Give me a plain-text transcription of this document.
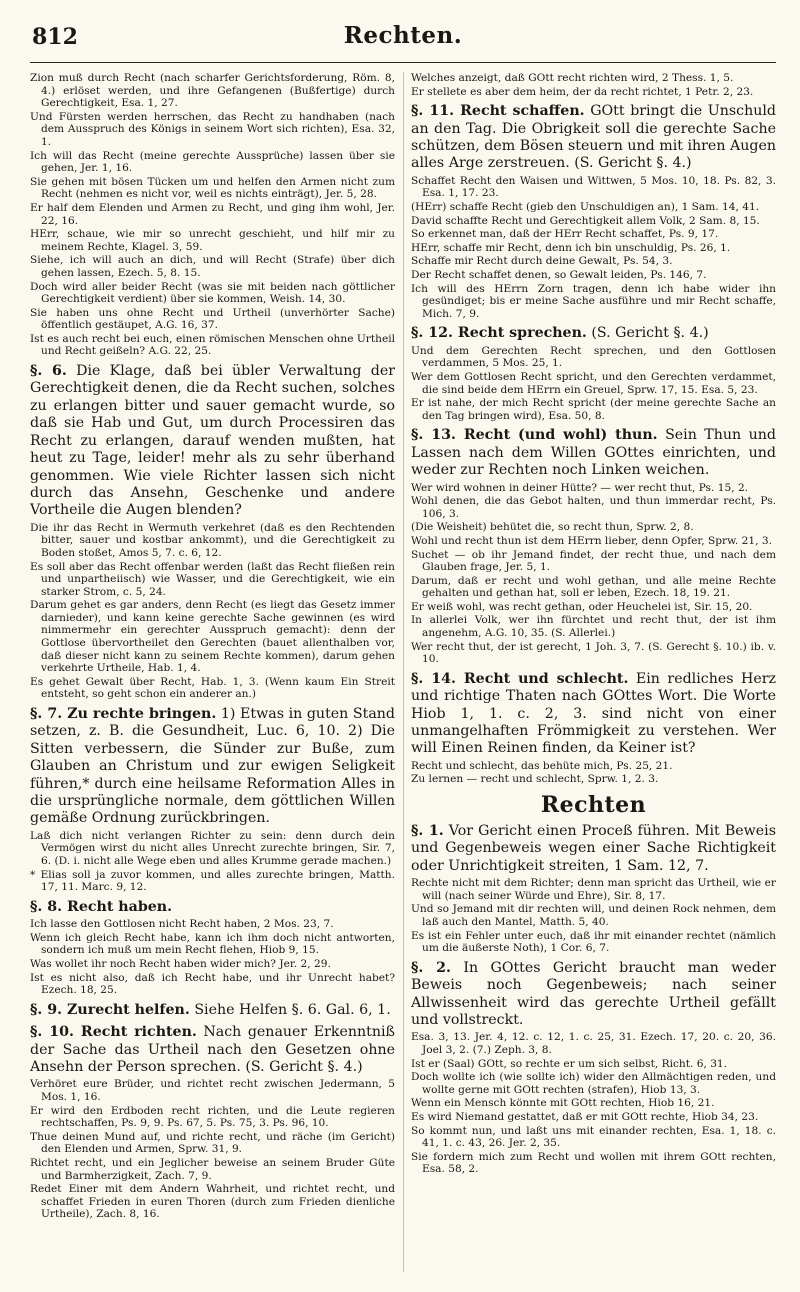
812	Rechten.
Zion muß durch Recht (nach scharfer Gerichtsforderung, Röm. 8, 4.) erlöset werden, und ihre Gefangenen (Bußfertige) durch Gerechtigkeit, Esa. 1, 27.
Und Fürsten werden herrschen, das Recht zu handhaben (nach dem Ausspruch des Königs in seinem Wort sich richten), Esa. 32, 1.
Ich will das Recht (meine gerechte Aussprüche) lassen über sie gehen, Jer. 1, 16.
Sie gehen mit bösen Tücken um und helfen den Armen nicht zum Recht (nehmen es nicht vor, weil es nichts einträgt), Jer. 5, 28.
Er half dem Elenden und Armen zu Recht, und ging ihm wohl, Jer. 22, 16.
HErr, schaue, wie mir so unrecht geschieht, und hilf mir zu meinem Rechte, Klagel. 3, 59.
Siehe, ich will auch an dich, und will Recht (Strafe) über dich gehen lassen, Ezech. 5, 8. 15.
Doch wird aller beider Recht (was sie mit beiden nach göttlicher Gerechtigkeit verdient) über sie kommen, Weish. 14, 30.
Sie haben uns ohne Recht und Urtheil (unverhörter Sache) öffentlich gestäupet, A.G. 16, 37.
Ist es auch recht bei euch, einen römischen Menschen ohne Urtheil und Recht geißeln? A.G. 22, 25.
§. 6. Die Klage, daß bei übler Verwaltung der Gerechtigkeit denen, die da Recht suchen, solches zu erlangen bitter und sauer gemacht wurde, so daß sie Hab und Gut, um durch Processiren das Recht zu erlangen, darauf wenden mußten, hat heut zu Tage, leider! mehr als zu sehr überhand genommen. Wie viele Richter lassen sich nicht durch das Ansehn, Geschenke und andere Vortheile die Augen blenden?
Die ihr das Recht in Wermuth verkehret (daß es den Rechtenden bitter, sauer und kostbar ankommt), und die Gerechtigkeit zu Boden stoßet, Amos 5, 7. c. 6, 12.
Es soll aber das Recht offenbar werden (laßt das Recht fließen rein und unpartheiisch) wie Wasser, und die Gerechtigkeit, wie ein starker Strom, c. 5, 24.
Darum gehet es gar anders, denn Recht (es liegt das Gesetz immer darnieder), und kann keine gerechte Sache gewinnen (es wird nimmermehr ein gerechter Ausspruch gemacht): denn der Gottlose übervortheilet den Gerechten (bauet allenthalben vor, daß dieser nicht kann zu seinem Rechte kommen), darum gehen verkehrte Urtheile, Hab. 1, 4.
Es gehet Gewalt über Recht, Hab. 1, 3. (Wenn kaum Ein Streit entsteht, so geht schon ein anderer an.)
§. 7. Zu rechte bringen. 1) Etwas in guten Stand setzen, z. B. die Gesundheit, Luc. 6, 10. 2) Die Sitten verbessern, die Sünder zur Buße, zum Glauben an Christum und zur ewigen Seligkeit führen,* durch eine heilsame Reformation Alles in die ursprüngliche normale, dem göttlichen Willen gemäße Ordnung zurückbringen.
Laß dich nicht verlangen Richter zu sein: denn durch dein Vermögen wirst du nicht alles Unrecht zurechte bringen, Sir. 7, 6. (D. i. nicht alle Wege eben und alles Krumme gerade machen.)
* Elias soll ja zuvor kommen, und alles zurechte bringen, Matth. 17, 11. Marc. 9, 12.
§. 8. Recht haben.
Ich lasse den Gottlosen nicht Recht haben, 2 Mos. 23, 7.
Wenn ich gleich Recht habe, kann ich ihm doch nicht antworten, sondern ich muß um mein Recht flehen, Hiob 9, 15.
Was wollet ihr noch Recht haben wider mich? Jer. 2, 29.
Ist es nicht also, daß ich Recht habe, und ihr Unrecht habet? Ezech. 18, 25.
§. 9. Zurecht helfen. Siehe Helfen §. 6. Gal. 6, 1.
§. 10. Recht richten. Nach genauer Erkenntniß der Sache das Urtheil nach den Gesetzen ohne Ansehn der Person sprechen. (S. Gericht §. 4.)
Verhöret eure Brüder, und richtet recht zwischen Jedermann, 5 Mos. 1, 16.
Er wird den Erdboden recht richten, und die Leute regieren rechtschaffen, Ps. 9, 9. Ps. 67, 5. Ps. 75, 3. Ps. 96, 10.
Thue deinen Mund auf, und richte recht, und räche (im Gericht) den Elenden und Armen, Sprw. 31, 9.
Richtet recht, und ein Jeglicher beweise an seinem Bruder Güte und Barmherzigkeit, Zach. 7, 9.
Redet Einer mit dem Andern Wahrheit, und richtet recht, und schaffet Frieden in euren Thoren (durch zum Frieden dienliche Urtheile), Zach. 8, 16.
Welches anzeigt, daß GOtt recht richten wird, 2 Thess. 1, 5.
Er stellete es aber dem heim, der da recht richtet, 1 Petr. 2, 23.
§. 11. Recht schaffen. GOtt bringt die Unschuld an den Tag. Die Obrigkeit soll die gerechte Sache schützen, dem Bösen steuern und mit ihren Augen alles Arge zerstreuen. (S. Gericht §. 4.)
Schaffet Recht den Waisen und Wittwen, 5 Mos. 10, 18. Ps. 82, 3. Esa. 1, 17. 23.
(HErr) schaffe Recht (gieb den Unschuldigen an), 1 Sam. 14, 41.
David schaffte Recht und Gerechtigkeit allem Volk, 2 Sam. 8, 15.
So erkennet man, daß der HErr Recht schaffet, Ps. 9, 17.
HErr, schaffe mir Recht, denn ich bin unschuldig, Ps. 26, 1.
Schaffe mir Recht durch deine Gewalt, Ps. 54, 3.
Der Recht schaffet denen, so Gewalt leiden, Ps. 146, 7.
Ich will des HErrn Zorn tragen, denn ich habe wider ihn gesündiget; bis er meine Sache ausführe und mir Recht schaffe, Mich. 7, 9.
§. 12. Recht sprechen. (S. Gericht §. 4.)
Und dem Gerechten Recht sprechen, und den Gottlosen verdammen, 5 Mos. 25, 1.
Wer dem Gottlosen Recht spricht, und den Gerechten verdammet, die sind beide dem HErrn ein Greuel, Sprw. 17, 15. Esa. 5, 23.
Er ist nahe, der mich Recht spricht (der meine gerechte Sache an den Tag bringen wird), Esa. 50, 8.
§. 13. Recht (und wohl) thun. Sein Thun und Lassen nach dem Willen GOttes einrichten, und weder zur Rechten noch Linken weichen.
Wer wird wohnen in deiner Hütte? — wer recht thut, Ps. 15, 2.
Wohl denen, die das Gebot halten, und thun immerdar recht, Ps. 106, 3.
(Die Weisheit) behütet die, so recht thun, Sprw. 2, 8.
Wohl und recht thun ist dem HErrn lieber, denn Opfer, Sprw. 21, 3.
Suchet — ob ihr Jemand findet, der recht thue, und nach dem Glauben frage, Jer. 5, 1.
Darum, daß er recht und wohl gethan, und alle meine Rechte gehalten und gethan hat, soll er leben, Ezech. 18, 19. 21.
Er weiß wohl, was recht gethan, oder Heuchelei ist, Sir. 15, 20.
In allerlei Volk, wer ihn fürchtet und recht thut, der ist ihm angenehm, A.G. 10, 35. (S. Allerlei.)
Wer recht thut, der ist gerecht, 1 Joh. 3, 7. (S. Gerecht §. 10.) ib. v. 10.
§. 14. Recht und schlecht. Ein redliches Herz und richtige Thaten nach GOttes Wort. Die Worte Hiob 1, 1. c. 2, 3. sind nicht von einer unmangelhaften Frömmigkeit zu verstehen. Wer will Einen Reinen finden, da Keiner ist?
Recht und schlecht, das behüte mich, Ps. 25, 21.
Zu lernen — recht und schlecht, Sprw. 1, 2. 3.
Rechten
§. 1. Vor Gericht einen Proceß führen. Mit Beweis und Gegenbeweis wegen einer Sache Richtigkeit oder Unrichtigkeit streiten, 1 Sam. 12, 7.
Rechte nicht mit dem Richter; denn man spricht das Urtheil, wie er will (nach seiner Würde und Ehre), Sir. 8, 17.
Und so Jemand mit dir rechten will, und deinen Rock nehmen, dem laß auch den Mantel, Matth. 5, 40.
Es ist ein Fehler unter euch, daß ihr mit einander rechtet (nämlich um die äußerste Noth), 1 Cor. 6, 7.
§. 2. In GOttes Gericht braucht man weder Beweis noch Gegenbeweis; nach seiner Allwissenheit wird das gerechte Urtheil gefällt und vollstreckt.
Esa. 3, 13. Jer. 4, 12. c. 12, 1. c. 25, 31. Ezech. 17, 20. c. 20, 36. Joel 3, 2. (7.) Zeph. 3, 8.
Ist er (Saal) GOtt, so rechte er um sich selbst, Richt. 6, 31.
Doch wollte ich (wie sollte ich) wider den Allmächtigen reden, und wollte gerne mit GOtt rechten (strafen), Hiob 13, 3.
Wenn ein Mensch könnte mit GOtt rechten, Hiob 16, 21.
Es wird Niemand gestattet, daß er mit GOtt rechte, Hiob 34, 23.
So kommt nun, und laßt uns mit einander rechten, Esa. 1, 18. c. 41, 1. c. 43, 26. Jer. 2, 35.
Sie fordern mich zum Recht und wollen mit ihrem GOtt rechten, Esa. 58, 2.
